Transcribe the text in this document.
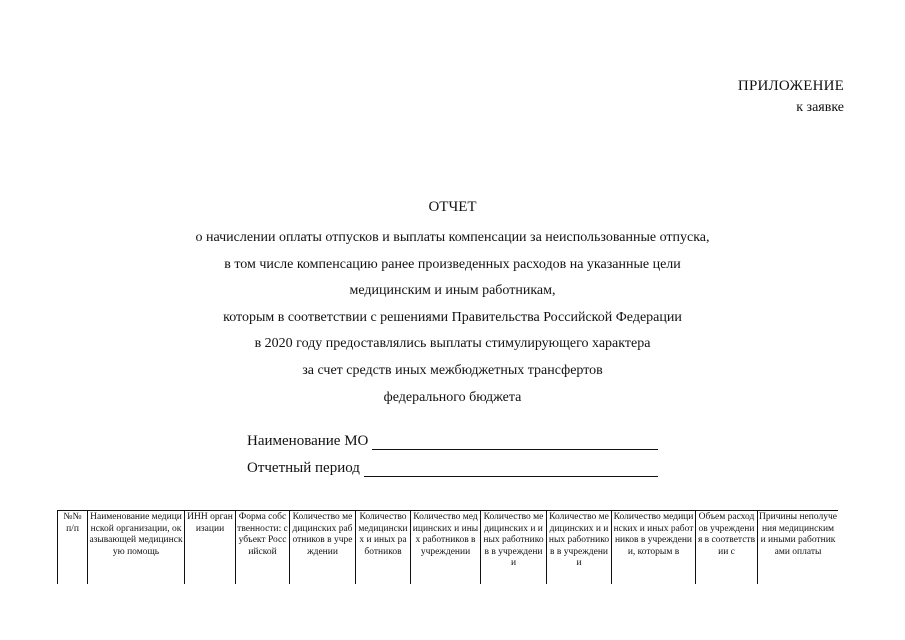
ПРИЛОЖЕНИЕ
к заявке
ОТЧЕТ
о начислении оплаты отпусков и выплаты компенсации за неиспользованные отпуска,
в том числе компенсацию ранее произведенных расходов на указанные цели
медицинским и иным работникам,
которым в соответствии с решениями Правительства Российской Федерации
в 2020 году предоставлялись выплаты стимулирующего характера
за счет средств иных межбюджетных трансфертов
федерального бюджета
Наименование МО
Отчетный период
№№ п/п	Наименование медицинской организации, оказывающей медицинскую помощь	ИНН организации	Форма собственности: субъект Российской	Количество медицинских работников в учреждении	Количество медицинских и иных работников	Количество медицинских и иных работников в учреждении	Количество медицинских и иных работников в учреждении	Количество медицинских и иных работников в учреждении	Количество медицинских и иных работников в учреждении, которым в	Объем расходов учреждения в соответствии с	Причины неполучения медицинским и иными работниками оплаты
